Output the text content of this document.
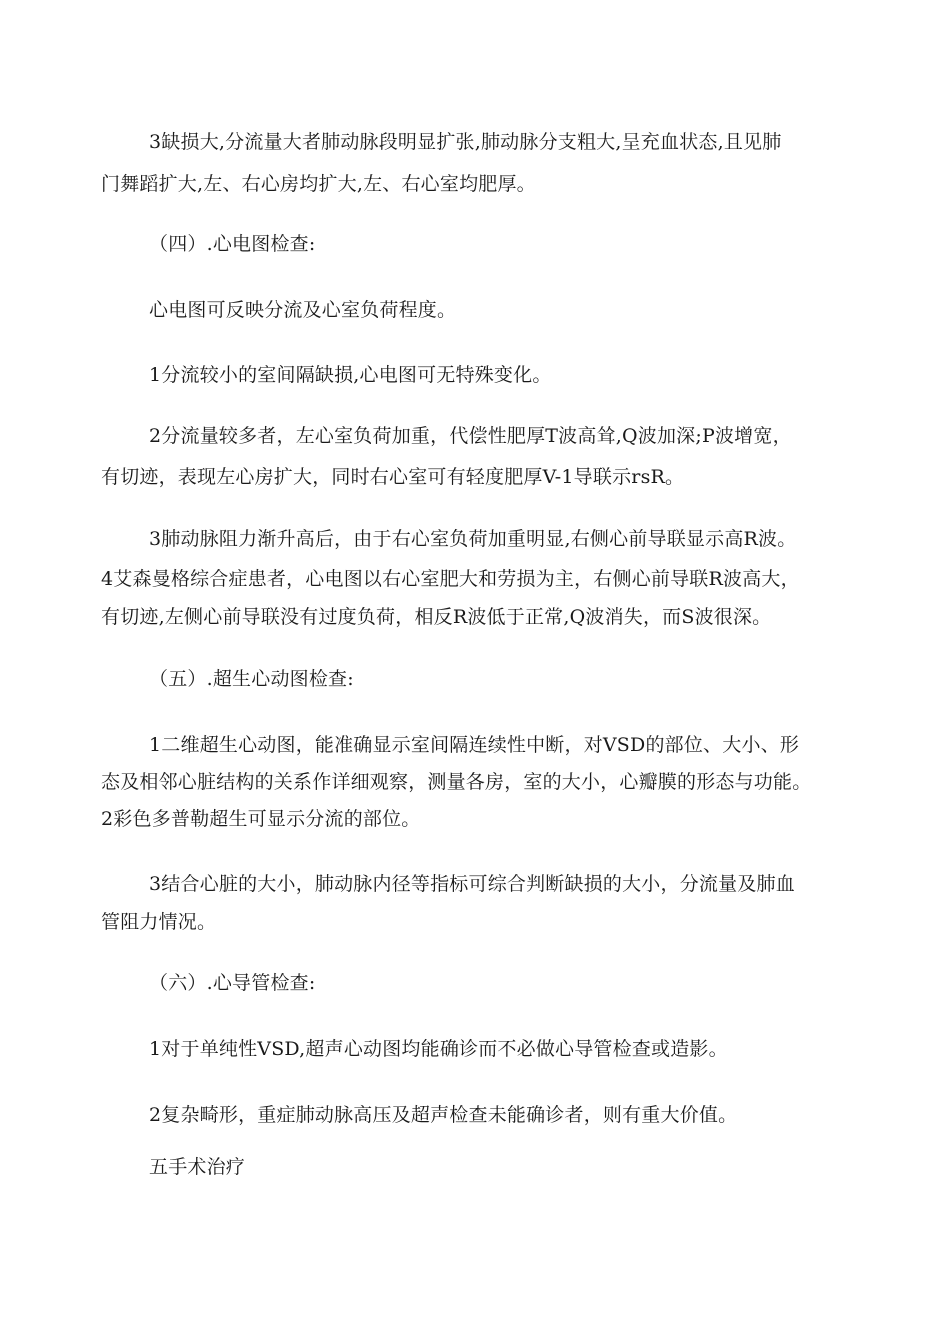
3缺损大,分流量大者肺动脉段明显扩张,肺动脉分支粗大,呈充血状态,且见肺
门舞蹈扩大,左、右心房均扩大,左、右心室均肥厚。
（四）.心电图检查:
心电图可反映分流及心室负荷程度。
1分流较小的室间隔缺损,心电图可无特殊变化。
2分流量较多者，左心室负荷加重，代偿性肥厚T波高耸,Q波加深;P波增宽，
有切迹，表现左心房扩大，同时右心室可有轻度肥厚V-1导联示rsR。
3肺动脉阻力渐升高后，由于右心室负荷加重明显,右侧心前导联显示高R波。
4艾森曼格综合症患者，心电图以右心室肥大和劳损为主，右侧心前导联R波高大，
有切迹,左侧心前导联没有过度负荷，相反R波低于正常,Q波消失，而S波很深。
（五）.超生心动图检查:
1二维超生心动图，能准确显示室间隔连续性中断，对VSD的部位、大小、形
态及相邻心脏结构的关系作详细观察，测量各房，室的大小，心瓣膜的形态与功能。
2彩色多普勒超生可显示分流的部位。
3结合心脏的大小，肺动脉内径等指标可综合判断缺损的大小，分流量及肺血
管阻力情况。
（六）.心导管检查:
1对于单纯性VSD,超声心动图均能确诊而不必做心导管检查或造影。
2复杂畸形，重症肺动脉高压及超声检查未能确诊者，则有重大价值。
五手术治疗
